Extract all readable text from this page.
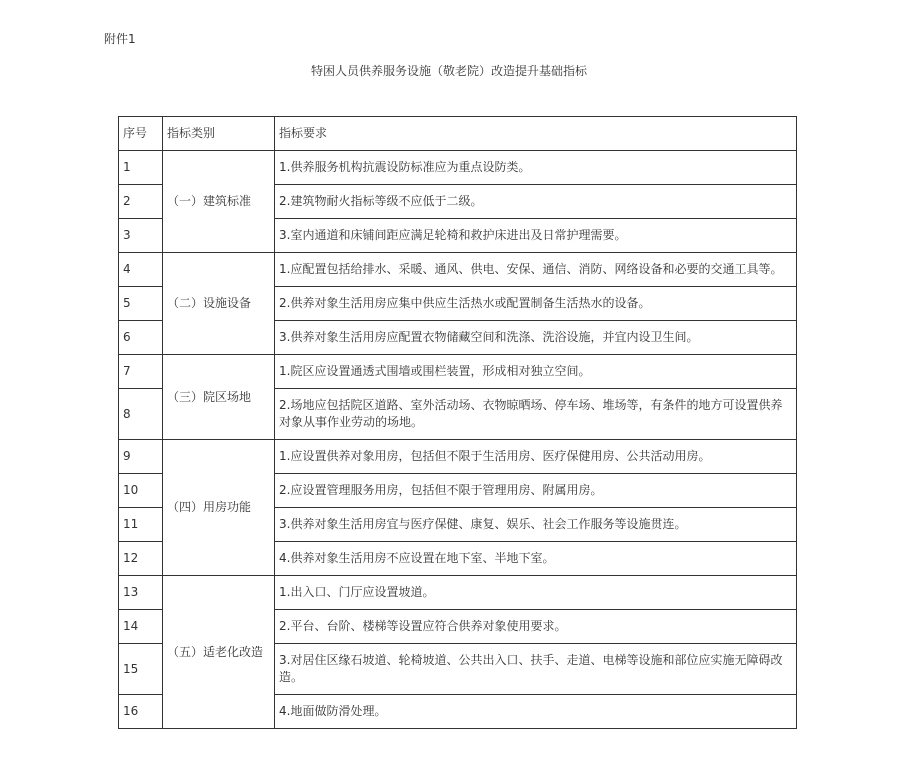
附件1
特困人员供养服务设施（敬老院）改造提升基础指标
序号	指标类别	指标要求
1	（一）建筑标准	1.供养服务机构抗震设防标准应为重点设防类。
2		2.建筑物耐火指标等级不应低于二级。
3		3.室内通道和床铺间距应满足轮椅和救护床进出及日常护理需要。
4	（二）设施设备	1.应配置包括给排水、采暖、通风、供电、安保、通信、消防、网络设备和必要的交通工具等。
5		2.供养对象生活用房应集中供应生活热水或配置制备生活热水的设备。
6		3.供养对象生活用房应配置衣物储藏空间和洗涤、洗浴设施，并宜内设卫生间。
7	（三）院区场地	1.院区应设置通透式围墙或围栏装置，形成相对独立空间。
8		2.场地应包括院区道路、室外活动场、衣物晾晒场、停车场、堆场等，有条件的地方可设置供养对象从事作业劳动的场地。
9	（四）用房功能	1.应设置供养对象用房，包括但不限于生活用房、医疗保健用房、公共活动用房。
10		2.应设置管理服务用房，包括但不限于管理用房、附属用房。
11		3.供养对象生活用房宜与医疗保健、康复、娱乐、社会工作服务等设施贯连。
12		4.供养对象生活用房不应设置在地下室、半地下室。
13	（五）适老化改造	1.出入口、门厅应设置坡道。
14		2.平台、台阶、楼梯等设置应符合供养对象使用要求。
15		3.对居住区缘石坡道、轮椅坡道、公共出入口、扶手、走道、电梯等设施和部位应实施无障碍改造。
16		4.地面做防滑处理。
